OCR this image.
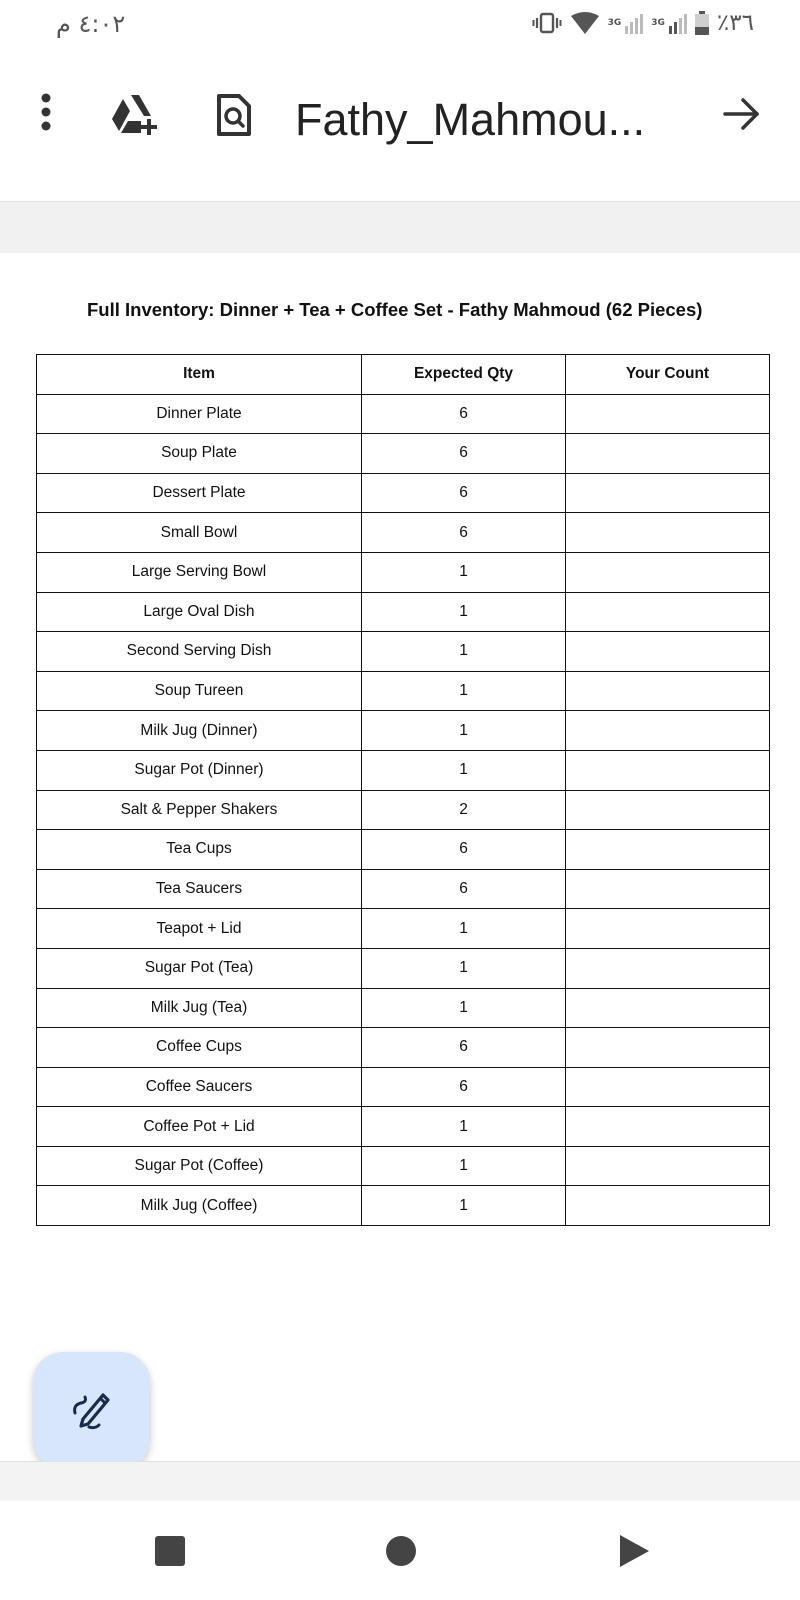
٤:٠٢ م	3G	3G ٣٦٪
Fathy_Mahmou...
Full Inventory: Dinner + Tea + Coffee Set - Fathy Mahmoud (62 Pieces)
Item	Expected Qty	Your Count
Dinner Plate	6	
Soup Plate	6	
Dessert Plate	6	
Small Bowl	6	
Large Serving Bowl	1	
Large Oval Dish	1	
Second Serving Dish	1	
Soup Tureen	1	
Milk Jug (Dinner)	1	
Sugar Pot (Dinner)	1	
Salt & Pepper Shakers	2	
Tea Cups	6	
Tea Saucers	6	
Teapot + Lid	1	
Sugar Pot (Tea)	1	
Milk Jug (Tea)	1	
Coffee Cups	6	
Coffee Saucers	6	
Coffee Pot + Lid	1	
Sugar Pot (Coffee)	1	
Milk Jug (Coffee)	1	
